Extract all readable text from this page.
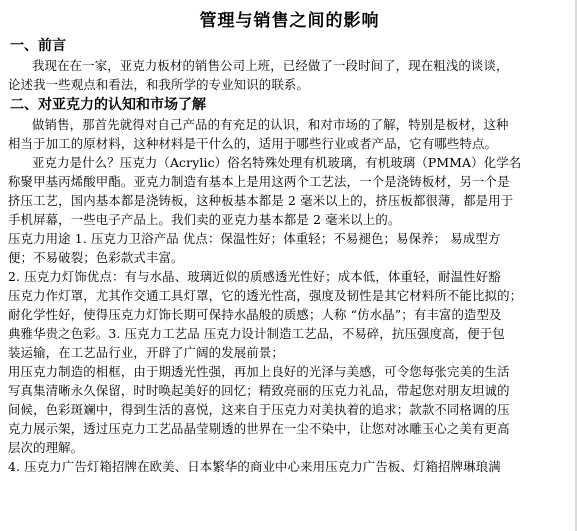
管理与销售之间的影响
一、前言

我现在在一家，亚克力板材的销售公司上班，已经做了一段时间了，现在粗浅的谈谈，

论述我一些观点和看法，和我所学的专业知识的联系。

二、对亚克力的认知和市场了解

做销售，那首先就得对自己产品的有充足的认识，和对市场的了解，特别是板材，这种

相当于加工的原材料，这种材料是干什么的，适用于哪些行业或者产品，它有哪些特点。

亚克力是什么？压克力（Acrylic）俗名特殊处理有机玻璃，有机玻璃（PMMA）化学名

称聚甲基丙烯酸甲酯。亚克力制造有基本上是用这两个工艺法，一个是浇铸板材，另一个是

挤压工艺，国内基本都是浇铸板，这种板基本都是 2 毫米以上的，挤压板都很薄，都是用于

手机屏幕，一些电子产品上。我们卖的亚克力基本都是 2 毫米以上的。

压克力用途 1. 压克力卫浴产品 优点：保温性好；体重轻；不易褪色；易保养； 易成型方

便；不易破裂；色彩款式丰富。

2. 压克力灯饰优点：有与水晶、玻璃近似的质感透光性好；成本低，体重轻，耐温性好豁

压克力作灯罩，尤其作交通工具灯罩，它的透光性高，强度及韧性是其它材料所不能比拟的；

耐化学性好，使得压克力灯饰长期可保持水晶般的质感；人称 “仿水晶”；有丰富的造型及

典雅华贵之色彩。3. 压克力工艺品 压克力设计制造工艺品，不易碎，抗压强度高，便于包

装运输，在工艺品行业，开辟了广阔的发展前景；

用压克力制造的相框，由于期透光性强，再加上良好的光泽与美感，可令您每张完美的生活

写真集清晰永久保留，时时唤起美好的回忆；精致亮丽的压克力礼品，带起您对朋友坦诚的

间候，色彩斑斓中，得到生活的喜悦，这来自于压克力对美执着的追求；款款不同格调的压

克力展示架，透过压克力工艺品晶莹剔透的世界在一尘不染中，让您对冰雕玉心之美有更高

层次的理解。

4. 压克力广告灯箱招牌在欧美、日本繁华的商业中心来用压克力广告板、灯箱招牌琳琅满
